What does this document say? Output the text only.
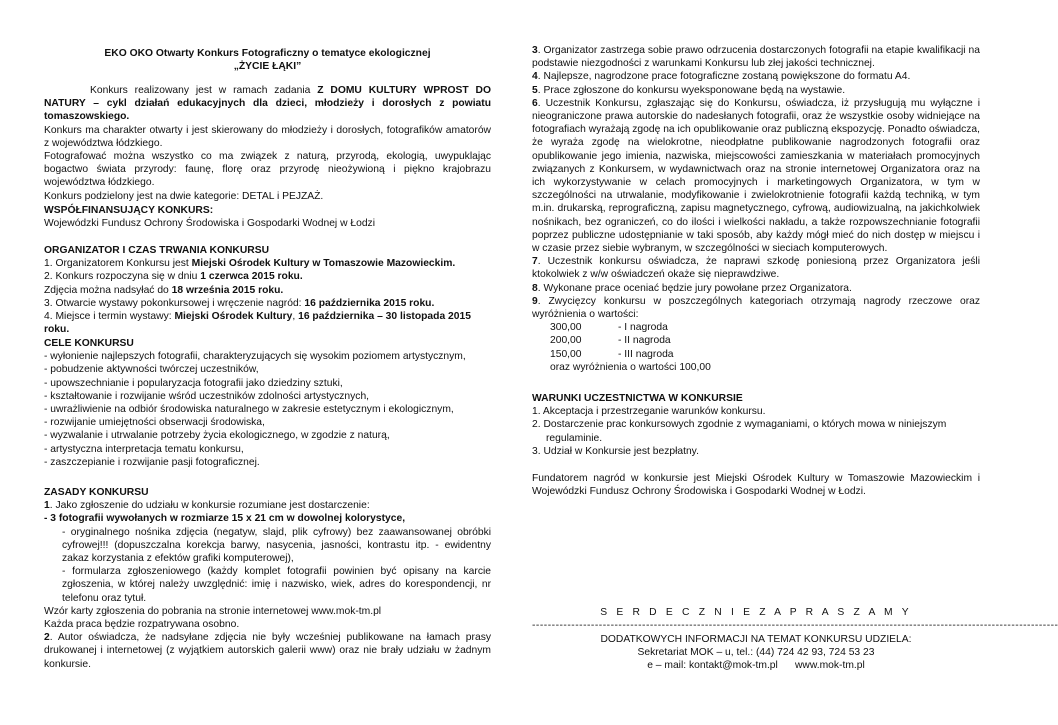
EKO OKO Otwarty Konkurs Fotograficzny o tematyce ekologicznej
„ŻYCIE ŁĄKI”
Konkurs realizowany jest w ramach zadania Z DOMU KULTURY WPROST DO NATURY – cykl działań edukacyjnych dla dzieci, młodzieży i dorosłych z powiatu tomaszowskiego.
Konkurs ma charakter otwarty i jest skierowany do młodzieży i dorosłych, fotografików amatorów z województwa łódzkiego.
Fotografować można wszystko co ma związek z naturą, przyrodą, ekologią, uwypuklając bogactwo świata przyrody: faunę, florę oraz przyrodę nieożywioną i piękno krajobrazu województwa łódzkiego.
Konkurs podzielony jest na dwie kategorie: DETAL i PEJZAŻ.
WSPÓŁFINANSUJĄCY KONKURS:
Wojewódzki Fundusz Ochrony Środowiska i Gospodarki Wodnej w Łodzi
ORGANIZATOR I CZAS TRWANIA KONKURSU
1. Organizatorem Konkursu jest Miejski Ośrodek Kultury w Tomaszowie Mazowieckim.
2. Konkurs rozpoczyna się w dniu 1 czerwca 2015 roku.
Zdjęcia można nadsyłać do 18 września 2015 roku.
3. Otwarcie wystawy pokonkursowej i wręczenie nagród: 16 października 2015 roku.
4. Miejsce i termin wystawy: Miejski Ośrodek Kultury, 16 października – 30 listopada 2015 roku.
CELE KONKURSU
- wyłonienie najlepszych fotografii, charakteryzujących się wysokim poziomem artystycznym,
- pobudzenie aktywności twórczej uczestników,
- upowszechnianie i popularyzacja fotografii jako dziedziny sztuki,
- kształtowanie i rozwijanie wśród uczestników zdolności artystycznych,
- uwrażliwienie na odbiór środowiska naturalnego w zakresie estetycznym i ekologicznym,
- rozwijanie umiejętności obserwacji środowiska,
- wyzwalanie i utrwalanie potrzeby życia ekologicznego, w zgodzie z naturą,
- artystyczna interpretacja tematu konkursu,
- zaszczepianie i rozwijanie pasji fotograficznej.
ZASADY KONKURSU
1. Jako zgłoszenie do udziału w konkursie rozumiane jest dostarczenie:
- 3 fotografii wywołanych w rozmiarze 15 x 21 cm w dowolnej kolorystyce,
- oryginalnego nośnika zdjęcia (negatyw, slajd, plik cyfrowy) bez zaawansowanej obróbki cyfrowej!!! (dopuszczalna korekcja barwy, nasycenia, jasności, kontrastu itp. - ewidentny zakaz korzystania z efektów grafiki komputerowej),
- formularza zgłoszeniowego (każdy komplet fotografii powinien być opisany na karcie zgłoszenia, w której należy uwzględnić: imię i nazwisko, wiek, adres do korespondencji, nr telefonu oraz tytuł.
Wzór karty zgłoszenia do pobrania na stronie internetowej www.mok-tm.pl
Każda praca będzie rozpatrywana osobno.
2. Autor oświadcza, że nadsyłane zdjęcia nie były wcześniej publikowane na łamach prasy drukowanej i internetowej (z wyjątkiem autorskich galerii www) oraz nie brały udziału w żadnym konkursie.
3. Organizator zastrzega sobie prawo odrzucenia dostarczonych fotografii na etapie kwalifikacji na podstawie niezgodności z warunkami Konkursu lub złej jakości technicznej.
4. Najlepsze, nagrodzone prace fotograficzne zostaną powiększone do formatu A4.
5. Prace zgłoszone do konkursu wyeksponowane będą na wystawie.
6. Uczestnik Konkursu, zgłaszając się do Konkursu, oświadcza, iż przysługują mu wyłączne i nieograniczone prawa autorskie do nadesłanych fotografii, oraz że wszystkie osoby widniejące na fotografiach wyrażają zgodę na ich opublikowanie oraz publiczną ekspozycję. Ponadto oświadcza, że wyraża zgodę na wielokrotne, nieodpłatne publikowanie nagrodzonych fotografii oraz opublikowanie jego imienia, nazwiska, miejscowości zamieszkania w materiałach promocyjnych związanych z Konkursem, w wydawnictwach oraz na stronie internetowej Organizatora oraz na ich wykorzystywanie w celach promocyjnych i marketingowych Organizatora, w tym w szczególności na utrwalanie, modyfikowanie i zwielokrotnienie fotografii każdą techniką, w tym m.in. drukarską, reprograficzną, zapisu magnetycznego, cyfrową, audiowizualną, na jakichkolwiek nośnikach, bez ograniczeń, co do ilości i wielkości nakładu, a także rozpowszechnianie fotografii poprzez publiczne udostępnianie w taki sposób, aby każdy mógł mieć do nich dostęp w miejscu i w czasie przez siebie wybranym, w szczególności w sieciach komputerowych.
7. Uczestnik konkursu oświadcza, że naprawi szkodę poniesioną przez Organizatora jeśli ktokolwiek z w/w oświadczeń okaże się nieprawdziwe.
8. Wykonane prace oceniać będzie jury powołane przez Organizatora.
9. Zwycięzcy konkursu w poszczególnych kategoriach otrzymają nagrody rzeczowe oraz wyróżnienia o wartości:
300,00	- I nagroda
200,00	- II nagroda
150,00	- III nagroda
oraz wyróżnienia o wartości 100,00
WARUNKI UCZESTNICTWA W KONKURSIE
1. Akceptacja i przestrzeganie warunków konkursu.
2. Dostarczenie prac konkursowych zgodnie z wymaganiami, o których mowa w niniejszym regulaminie.
3. Udział w Konkursie jest bezpłatny.
Fundatorem nagród w konkursie jest Miejski Ośrodek Kultury w Tomaszowie Mazowieckim i Wojewódzki Fundusz Ochrony Środowiska i Gospodarki Wodnej w Łodzi.
S E R D E C Z N I E Z A P R A S Z A M Y
--------------------------------------------------------------------------------------------------------------------------------------
DODATKOWYCH INFORMACJI NA TEMAT KONKURSU UDZIELA:
Sekretariat MOK – u, tel.: (44) 724 42 93, 724 53 23
e – mail: kontakt@mok-tm.pl      www.mok-tm.pl
